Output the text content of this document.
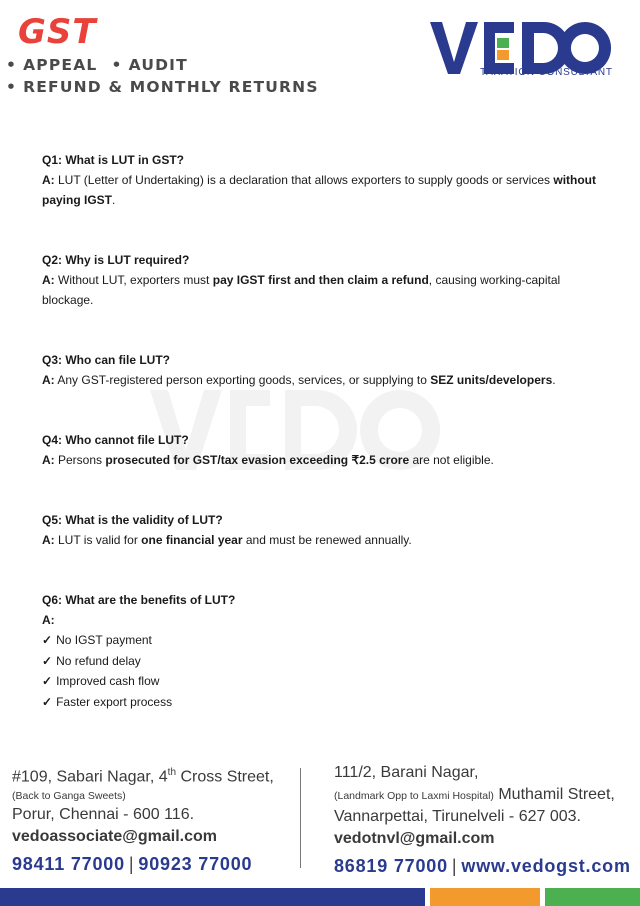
GST
• APPEAL • AUDIT
• REFUND & MONTHLY RETURNS

TAXATION CONSULTANT

Q1: What is LUT in GST?

A: LUT (Letter of Undertaking) is a declaration that allows exporters to supply goods or services without paying IGST.

Q2: Why is LUT required?

A: Without LUT, exporters must pay IGST first and then claim a refund, causing working-capital blockage.

Q3: Who can file LUT?

A: Any GST-registered person exporting goods, services, or supplying to SEZ units/developers.

Q4: Who cannot file LUT?

A: Persons prosecuted for GST/tax evasion exceeding ₹2.5 crore are not eligible.

Q5: What is the validity of LUT?

A: LUT is valid for one financial year and must be renewed annually.

Q6: What are the benefits of LUT?

A:

✓ No IGST payment
✓ No refund delay
✓ Improved cash flow
✓ Faster export process

#109, Sabari Nagar, 4th Cross Street,

(Back to Ganga Sweets)

Porur, Chennai - 600 116.

vedoassociate@gmail.com

98411 77000 | 90923 77000

111/2, Barani Nagar,

(Landmark Opp to Laxmi Hospital) Muthamil Street,

Vannarpettai, Tirunelveli - 627 003.

vedotnvl@gmail.com

86819 77000 | www.vedogst.com
